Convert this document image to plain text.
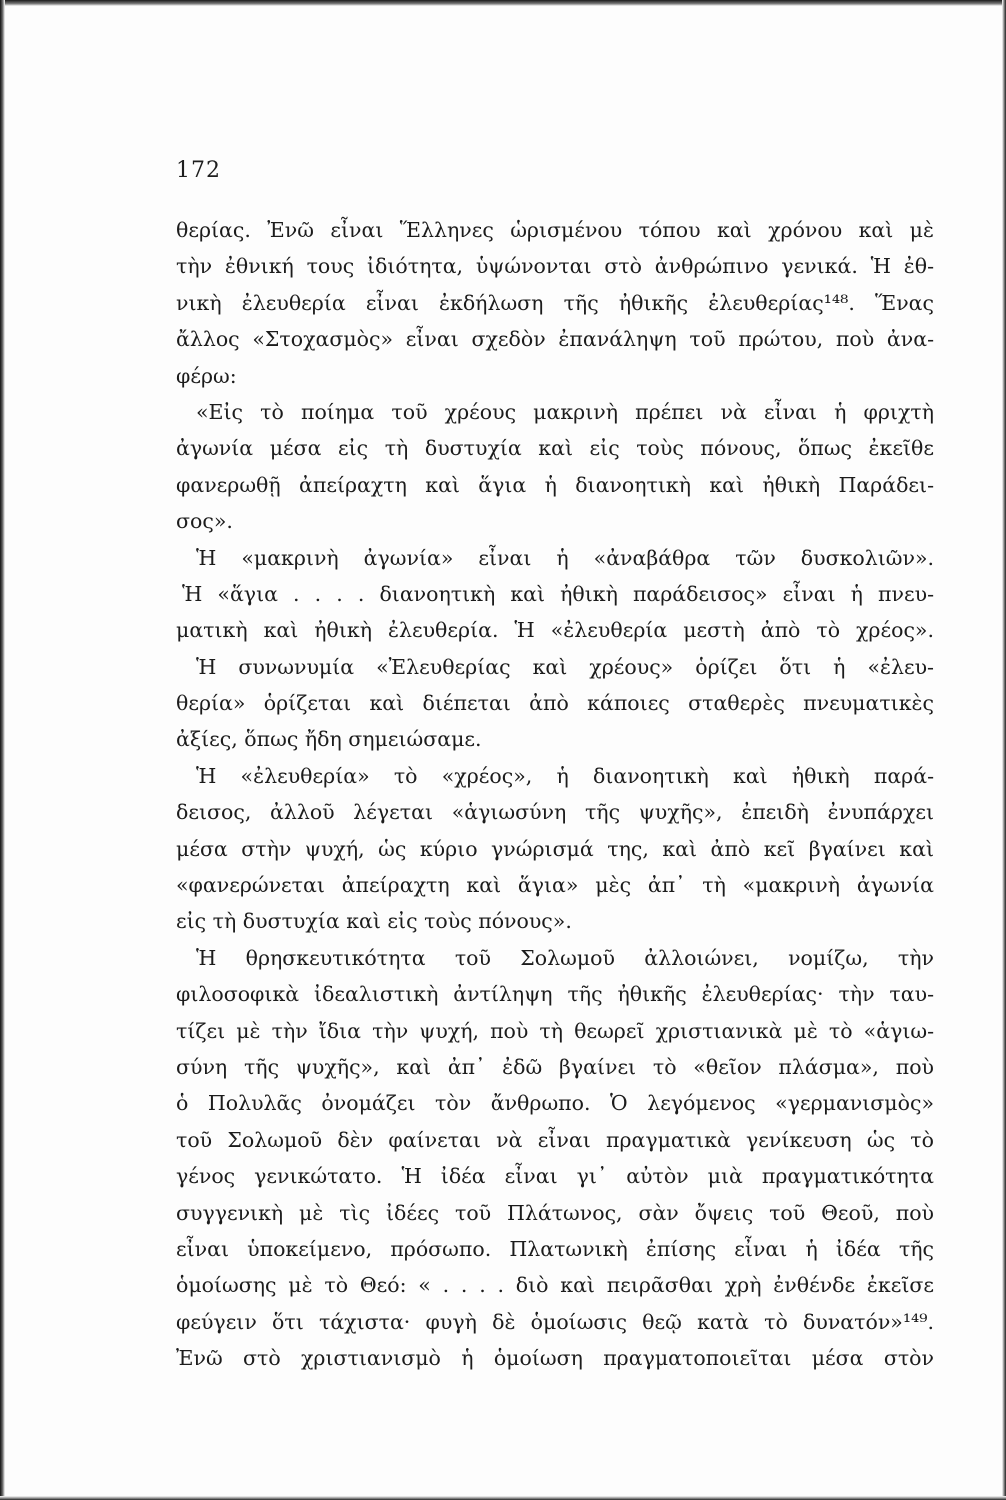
172
θερίας. Ἐνῶ εἶναι Ἕλληνες ὡρισμένου τόπου καὶ χρόνου καὶ μὲ
τὴν ἐθνική τους ἰδιότητα, ὑψώνονται στὸ ἀνθρώπινο γενικά. Ἡ ἐθ-
νικὴ ἐλευθερία εἶναι ἐκδήλωση τῆς ἠθικῆς ἐλευθερίας¹⁴⁸. Ἕνας
ἄλλος «Στοχασμὸς» εἶναι σχεδὸν ἐπανάληψη τοῦ πρώτου, ποὺ ἀνα-
φέρω:
«Εἰς τὸ ποίημα τοῦ χρέους μακρινὴ πρέπει νὰ εἶναι ἡ φριχτὴ
ἀγωνία μέσα εἰς τὴ δυστυχία καὶ εἰς τοὺς πόνους, ὅπως ἐκεῖθε
φανερωθῇ ἀπείραχτη καὶ ἅγια ἡ διανοητικὴ καὶ ἠθικὴ Παράδει-
σος».
Ἡ «μακρινὴ ἀγωνία» εἶναι ἡ «ἀναβάθρα τῶν δυσκολιῶν».
Ἡ «ἅγια . . . . διανοητικὴ καὶ ἠθικὴ παράδεισος» εἶναι ἡ πνευ-
ματικὴ καὶ ἠθικὴ ἐλευθερία. Ἡ «ἐλευθερία μεστὴ ἀπὸ τὸ χρέος».
Ἡ συνωνυμία «Ἐλευθερίας καὶ χρέους» ὁρίζει ὅτι ἡ «ἐλευ-
θερία» ὁρίζεται καὶ διέπεται ἀπὸ κάποιες σταθερὲς πνευματικὲς
ἀξίες, ὅπως ἤδη σημειώσαμε.
Ἡ «ἐλευθερία» τὸ «χρέος», ἡ διανοητικὴ καὶ ἠθικὴ παρά-
δεισος, ἀλλοῦ λέγεται «ἁγιωσύνη τῆς ψυχῆς», ἐπειδὴ ἐνυπάρχει
μέσα στὴν ψυχή, ὡς κύριο γνώρισμά της, καὶ ἀπὸ κεῖ βγαίνει καὶ
«φανερώνεται ἀπείραχτη καὶ ἅγια» μὲς ἀπ᾽ τὴ «μακρινὴ ἀγωνία
εἰς τὴ δυστυχία καὶ εἰς τοὺς πόνους».
Ἡ θρησκευτικότητα τοῦ Σολωμοῦ ἀλλοιώνει, νομίζω, τὴν
φιλοσοφικὰ ἰδεαλιστικὴ ἀντίληψη τῆς ἠθικῆς ἐλευθερίας· τὴν ταυ-
τίζει μὲ τὴν ἴδια τὴν ψυχή, ποὺ τὴ θεωρεῖ χριστιανικὰ μὲ τὸ «ἁγιω-
σύνη τῆς ψυχῆς», καὶ ἀπ᾽ ἐδῶ βγαίνει τὸ «θεῖον πλάσμα», ποὺ
ὁ Πολυλᾶς ὀνομάζει τὸν ἄνθρωπο. Ὁ λεγόμενος «γερμανισμὸς»
τοῦ Σολωμοῦ δὲν φαίνεται νὰ εἶναι πραγματικὰ γενίκευση ὡς τὸ
γένος γενικώτατο. Ἡ ἰδέα εἶναι γι᾽ αὐτὸν μιὰ πραγματικότητα
συγγενικὴ μὲ τὶς ἰδέες τοῦ Πλάτωνος, σὰν ὄψεις τοῦ Θεοῦ, ποὺ
εἶναι ὑποκείμενο, πρόσωπο. Πλατωνικὴ ἐπίσης εἶναι ἡ ἰδέα τῆς
ὁμοίωσης μὲ τὸ Θεό: « . . . . διὸ καὶ πειρᾶσθαι χρὴ ἐνθένδε ἐκεῖσε
φεύγειν ὅτι τάχιστα· φυγὴ δὲ ὁμοίωσις θεῷ κατὰ τὸ δυνατόν»¹⁴⁹.
Ἐνῶ στὸ χριστιανισμὸ ἡ ὁμοίωση πραγματοποιεῖται μέσα στὸν
